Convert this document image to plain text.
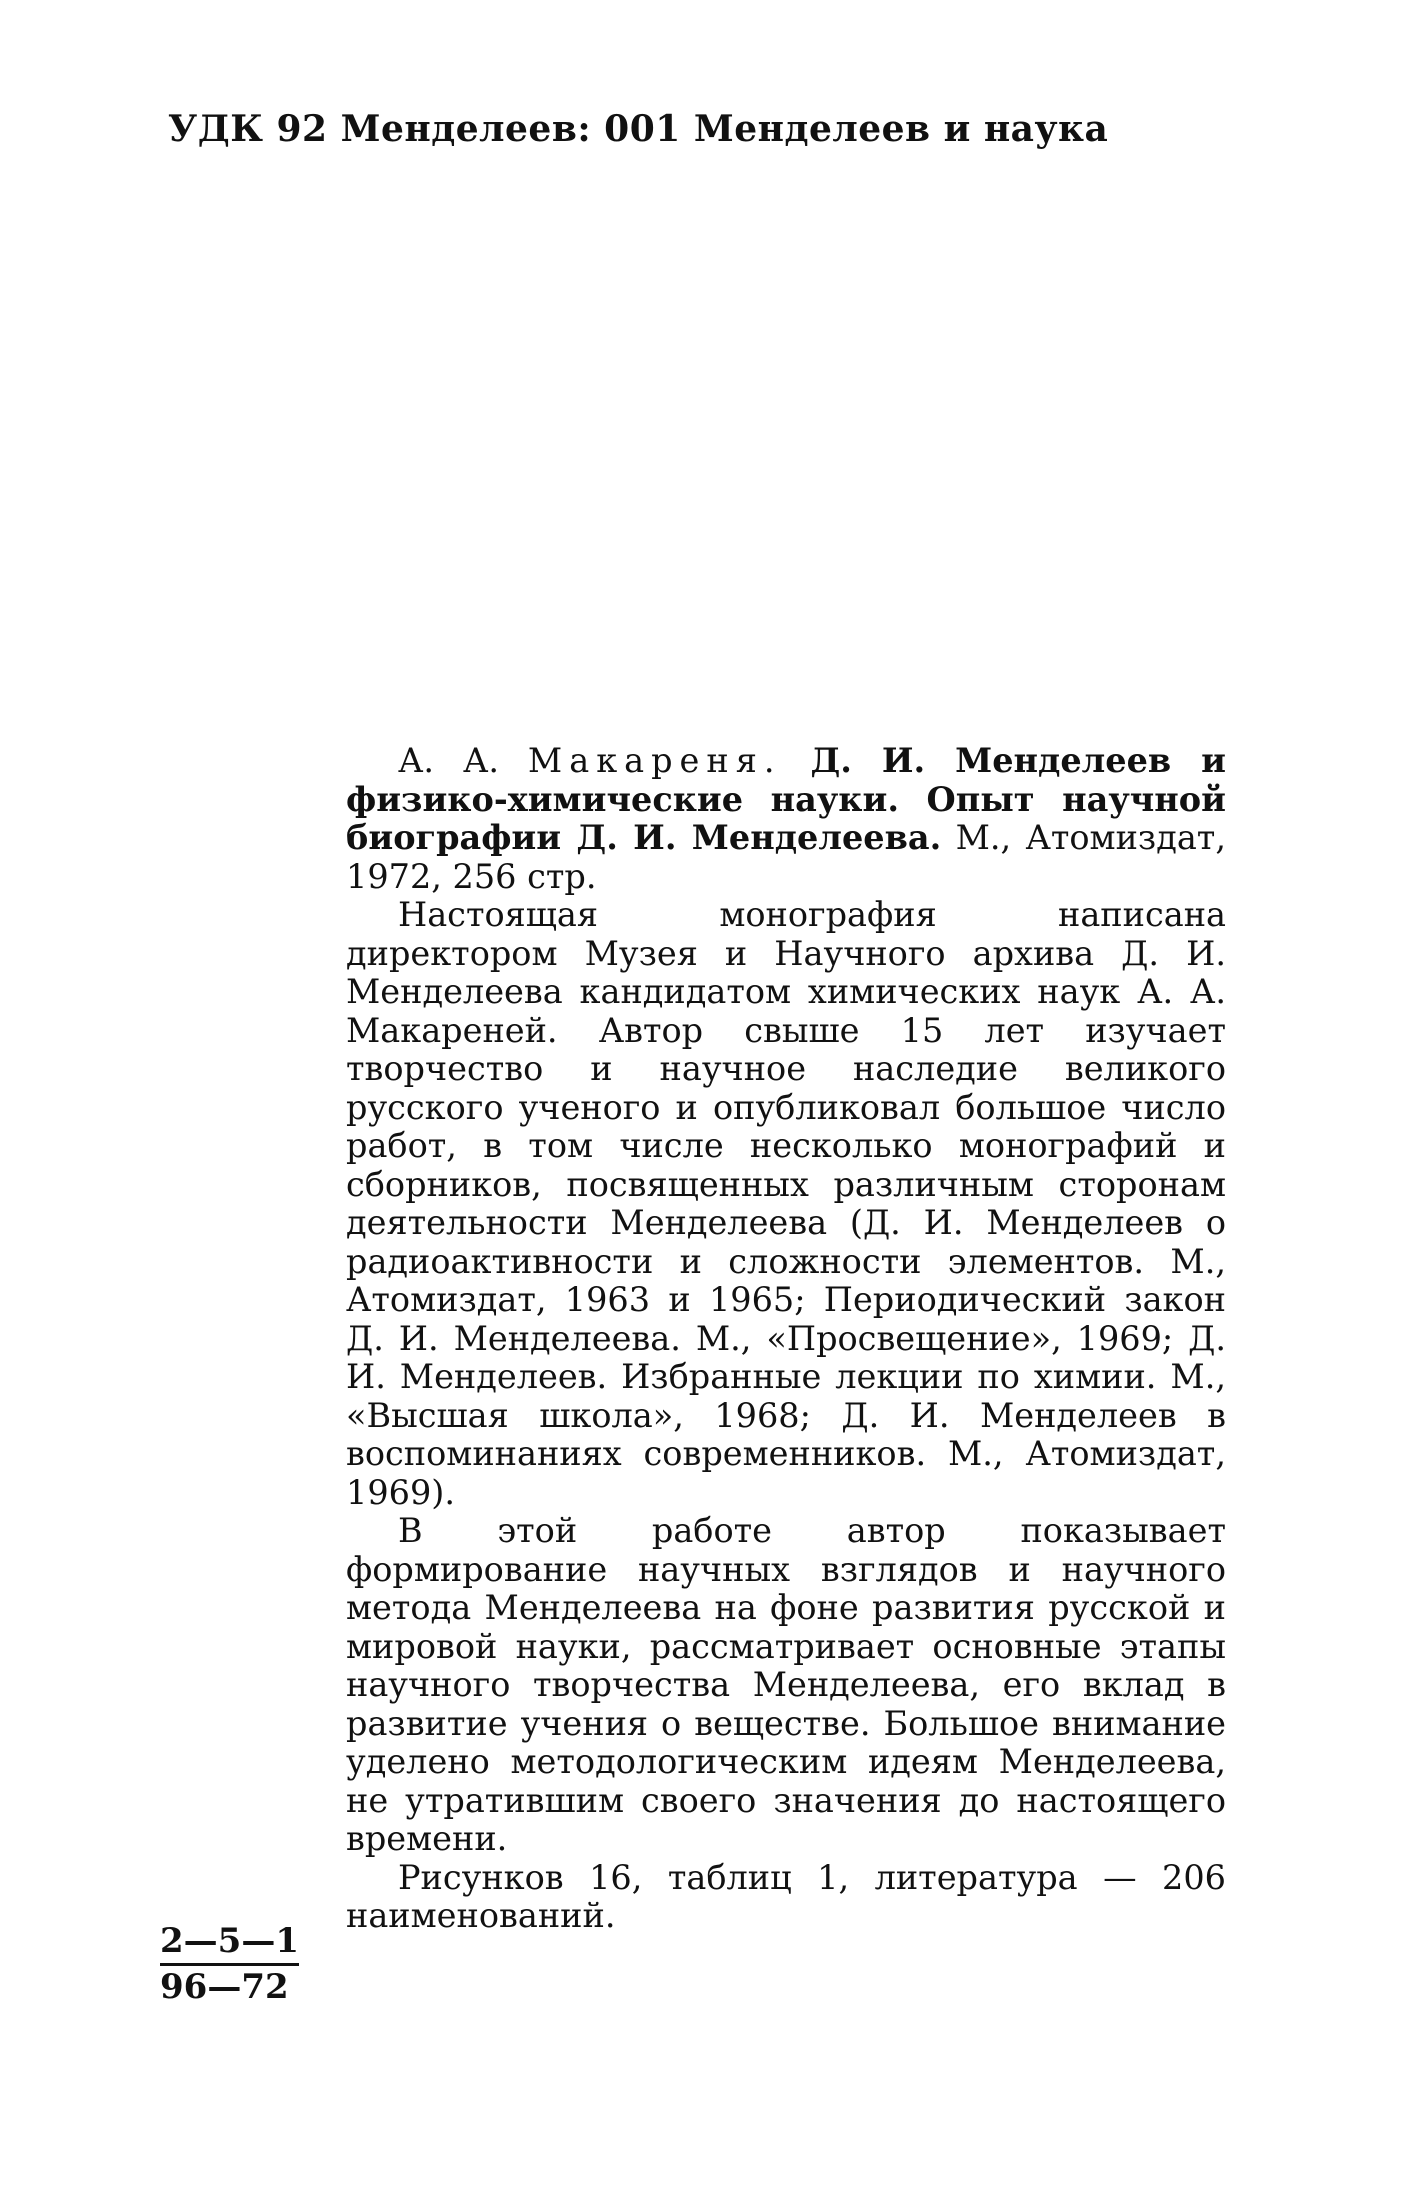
УДК 92 Менделеев: 001 Менделеев и наука

А. А. Макареня. Д. И. Менделеев и физико-химические науки. Опыт научной биографии Д. И. Менделеева. М., Атомиздат, 1972, 256 стр.

Настоящая монография написана директором Музея и Научного архива Д. И. Менделеева кандидатом химических наук А. А. Макареней. Автор свыше 15 лет изучает творчество и научное наследие великого русского ученого и опубликовал большое число работ, в том числе несколько монографий и сборников, посвященных различным сторонам деятельности Менделеева (Д. И. Менделеев о радиоактивности и сложности элементов. М., Атомиздат, 1963 и 1965; Периодический закон Д. И. Менделеева. М., «Просвещение», 1969; Д. И. Менделеев. Избранные лекции по химии. М., «Высшая школа», 1968; Д. И. Менделеев в воспоминаниях современников. М., Атомиздат, 1969).

В этой работе автор показывает формирование научных взглядов и научного метода Менделеева на фоне развития русской и мировой науки, рассматривает основные этапы научного творчества Менделеева, его вклад в развитие учения о веществе. Большое внимание уделено методологическим идеям Менделеева, не утратившим своего значения до настоящего времени.

Рисунков 16, таблиц 1, литература — 206 наименований.

2—5—1
96—72
